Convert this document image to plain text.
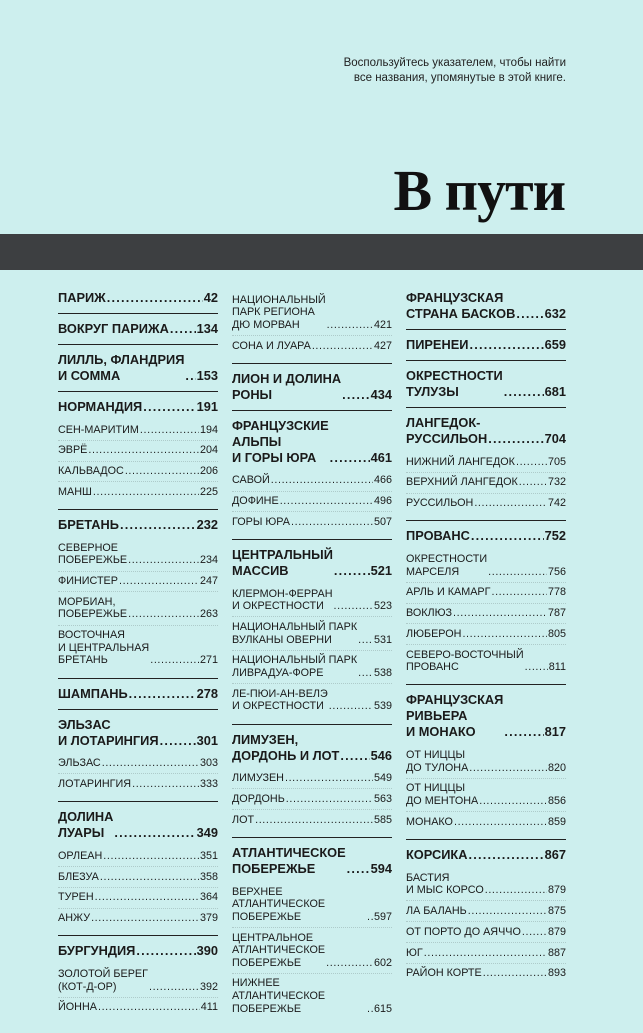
Воспользуйтесь указателем, чтобы найти
все названия, упомянутые в этой книге.
В пути
ПАРИЖ .....	42
ВОКРУГ ПАРИЖА ..... 134
ЛИЛЛЬ, ФЛАНДРИЯ
И СОММА .....	153
НОРМАНДИЯ .....	191
СЕН-МАРИТИМ .....	194
ЭВРЁ .....	204
КАЛЬВАДОС .....	206
МАНШ .....	225
БРЕТАНЬ .....	232
СЕВЕРНОЕ
ПОБЕРЕЖЬЕ .....	234
ФИНИСТЕР .....	247
МОРБИАН,
ПОБЕРЕЖЬЕ .....	263
ВОСТОЧНАЯ
И ЦЕНТРАЛЬНАЯ
БРЕТАНЬ .....	271
ШАМПАНЬ .....	278
ЭЛЬЗАС
И ЛОТАРИНГИЯ .....	301
ЭЛЬЗАС .....	303
ЛОТАРИНГИЯ .....	333
ДОЛИНА
ЛУАРЫ .....	349
ОРЛЕАН .....	351
БЛЕЗУА .....	358
ТУРЕН .....	364
АНЖУ .....	379
БУРГУНДИЯ .....	390
ЗОЛОТОЙ БЕРЕГ
(КОТ-Д-ОР) .....	392
ЙОННА .....	411
НАЦИОНАЛЬНЫЙ
ПАРК РЕГИОНА
ДЮ МОРВАН .....	421
СОНА И ЛУАРА .....	427
ЛИОН И ДОЛИНА
РОНЫ .....	434
ФРАНЦУЗСКИЕ
АЛЬПЫ
И ГОРЫ ЮРА .....	461
САВОЙ .....	466
ДОФИНЕ .....	496
ГОРЫ ЮРА .....	507
ЦЕНТРАЛЬНЫЙ
МАССИВ .....	521
КЛЕРМОН-ФЕРРАН
И ОКРЕСТНОСТИ .....	523
НАЦИОНАЛЬНЫЙ ПАРК
ВУЛКАНЫ ОВЕРНИ .....	531
НАЦИОНАЛЬНЫЙ ПАРК
ЛИВРАДУА-ФОРЕ .....	538
ЛЕ-ПЮИ-АН-ВЕЛЭ
И ОКРЕСТНОСТИ .....	539
ЛИМУЗЕН,
ДОРДОНЬ И ЛОТ ..... 546
ЛИМУЗЕН .....	549
ДОРДОНЬ .....	563
ЛОТ .....	585
АТЛАНТИЧЕСКОЕ
ПОБЕРЕЖЬЕ .....	594
ВЕРХНЕЕ АТЛАНТИЧЕСКОЕ
ПОБЕРЕЖЬЕ .....	597
ЦЕНТРАЛЬНОЕ
АТЛАНТИЧЕСКОЕ
ПОБЕРЕЖЬЕ .....	602
НИЖНЕЕ АТЛАНТИЧЕСКОЕ
ПОБЕРЕЖЬЕ .....	615
ФРАНЦУЗСКАЯ
СТРАНА БАСКОВ ..... 632
ПИРЕНЕИ .....	659
ОКРЕСТНОСТИ
ТУЛУЗЫ .....	681
ЛАНГЕДОК-
РУССИЛЬОН .....	704
НИЖНИЙ ЛАНГЕДОК .....	705
ВЕРХНИЙ ЛАНГЕДОК .....	732
РУССИЛЬОН .....	742
ПРОВАНС .....	752
ОКРЕСТНОСТИ
МАРСЕЛЯ .....	756
АРЛЬ И КАМАРГ .....	778
ВОКЛЮЗ .....	787
ЛЮБЕРОН .....	805
СЕВЕРО-ВОСТОЧНЫЙ
ПРОВАНС .....	811
ФРАНЦУЗСКАЯ
РИВЬЕРА
И МОНАКО .....	817
ОТ НИЦЦЫ
ДО ТУЛОНА .....	820
ОТ НИЦЦЫ
ДО МЕНТОНА .....	856
МОНАКО .....	859
КОРСИКА .....	867
БАСТИЯ
И МЫС КОРСО .....	879
ЛА БАЛАНЬ .....	875
ОТ ПОРТО ДО АЯЧЧО .....	879
ЮГ .....	887
РАЙОН КОРТЕ .....	893
